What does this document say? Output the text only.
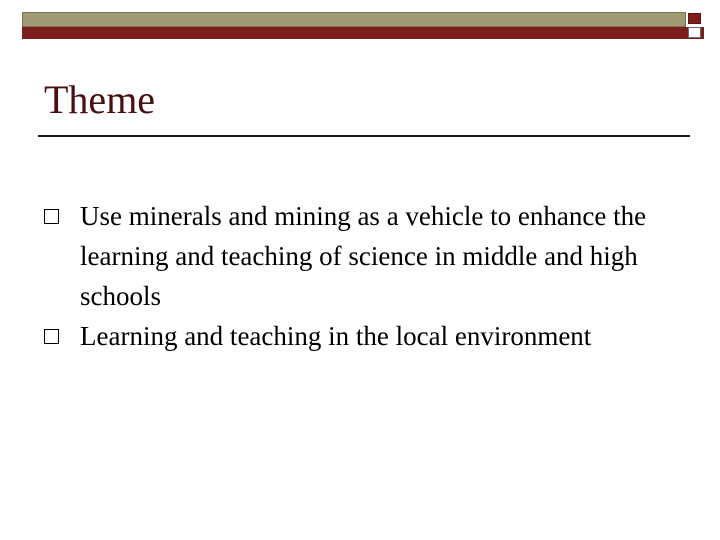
Theme
Use minerals and mining as a vehicle to enhance the learning and teaching of science in middle and high schools
Learning and teaching in the local environment
